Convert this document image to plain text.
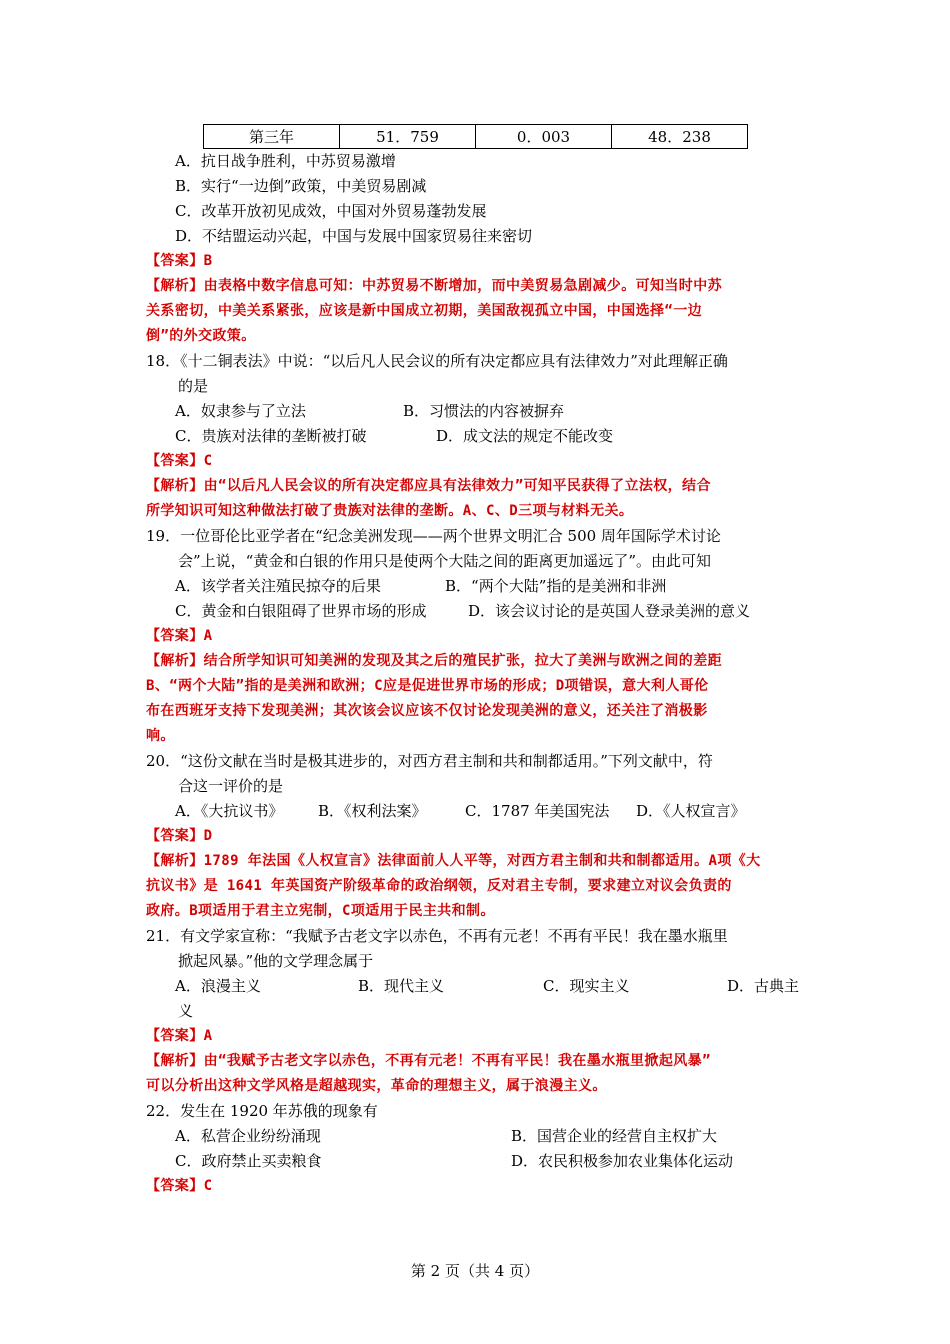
第三年	51．759	0．003	48．238
A．抗日战争胜利，中苏贸易激增
B．实行“一边倒”政策，中美贸易剧减
C．改革开放初见成效，中国对外贸易蓬勃发展
D．不结盟运动兴起，中国与发展中国家贸易往来密切
【答案】B
【解析】由表格中数字信息可知：中苏贸易不断增加，而中美贸易急剧减少。可知当时中苏
关系密切，中美关系紧张，应该是新中国成立初期，美国敌视孤立中国，中国选择“一边
倒”的外交政策。
18．《十二铜表法》中说：“以后凡人民会议的所有决定都应具有法律效力”对此理解正确
的是
A．奴隶参与了立法	B．习惯法的内容被摒弃
C．贵族对法律的垄断被打破	D．成文法的规定不能改变
【答案】C
【解析】由“以后凡人民会议的所有决定都应具有法律效力”可知平民获得了立法权，结合
所学知识可知这种做法打破了贵族对法律的垄断。A、C、D三项与材料无关。
19．一位哥伦比亚学者在“纪念美洲发现——两个世界文明汇合 500 周年国际学术讨论
会”上说，“黄金和白银的作用只是使两个大陆之间的距离更加遥远了”。由此可知
A．该学者关注殖民掠夺的后果	B．“两个大陆”指的是美洲和非洲
C．黄金和白银阻碍了世界市场的形成	D．该会议讨论的是英国人登录美洲的意义
【答案】A
【解析】结合所学知识可知美洲的发现及其之后的殖民扩张，拉大了美洲与欧洲之间的差距
B、“两个大陆”指的是美洲和欧洲；C应是促进世界市场的形成；D项错误，意大利人哥伦
布在西班牙支持下发现美洲；其次该会议应该不仅讨论发现美洲的意义，还关注了消极影
响。
20．“这份文献在当时是极其进步的，对西方君主制和共和制都适用。”下列文献中，符
合这一评价的是
A．《大抗议书》 B．《权利法案》	C．1787 年美国宪法 D．《人权宣言》
【答案】D
【解析】1789 年法国《人权宣言》法律面前人人平等，对西方君主制和共和制都适用。A项《大
抗议书》是 1641 年英国资产阶级革命的政治纲领，反对君主专制，要求建立对议会负责的
政府。B项适用于君主立宪制，C项适用于民主共和制。
21．有文学家宣称：“我赋予古老文字以赤色，不再有元老！不再有平民！我在墨水瓶里
掀起风暴。”他的文学理念属于
A．浪漫主义	B．现代主义	C．现实主义	D．古典主
义
【答案】A
【解析】由“我赋予古老文字以赤色，不再有元老！不再有平民！我在墨水瓶里掀起风暴”
可以分析出这种文学风格是超越现实，革命的理想主义，属于浪漫主义。
22．发生在 1920 年苏俄的现象有
A．私营企业纷纷涌现	B．国营企业的经营自主权扩大
C．政府禁止买卖粮食	D．农民积极参加农业集体化运动
【答案】C
第 2 页（共 4 页）
